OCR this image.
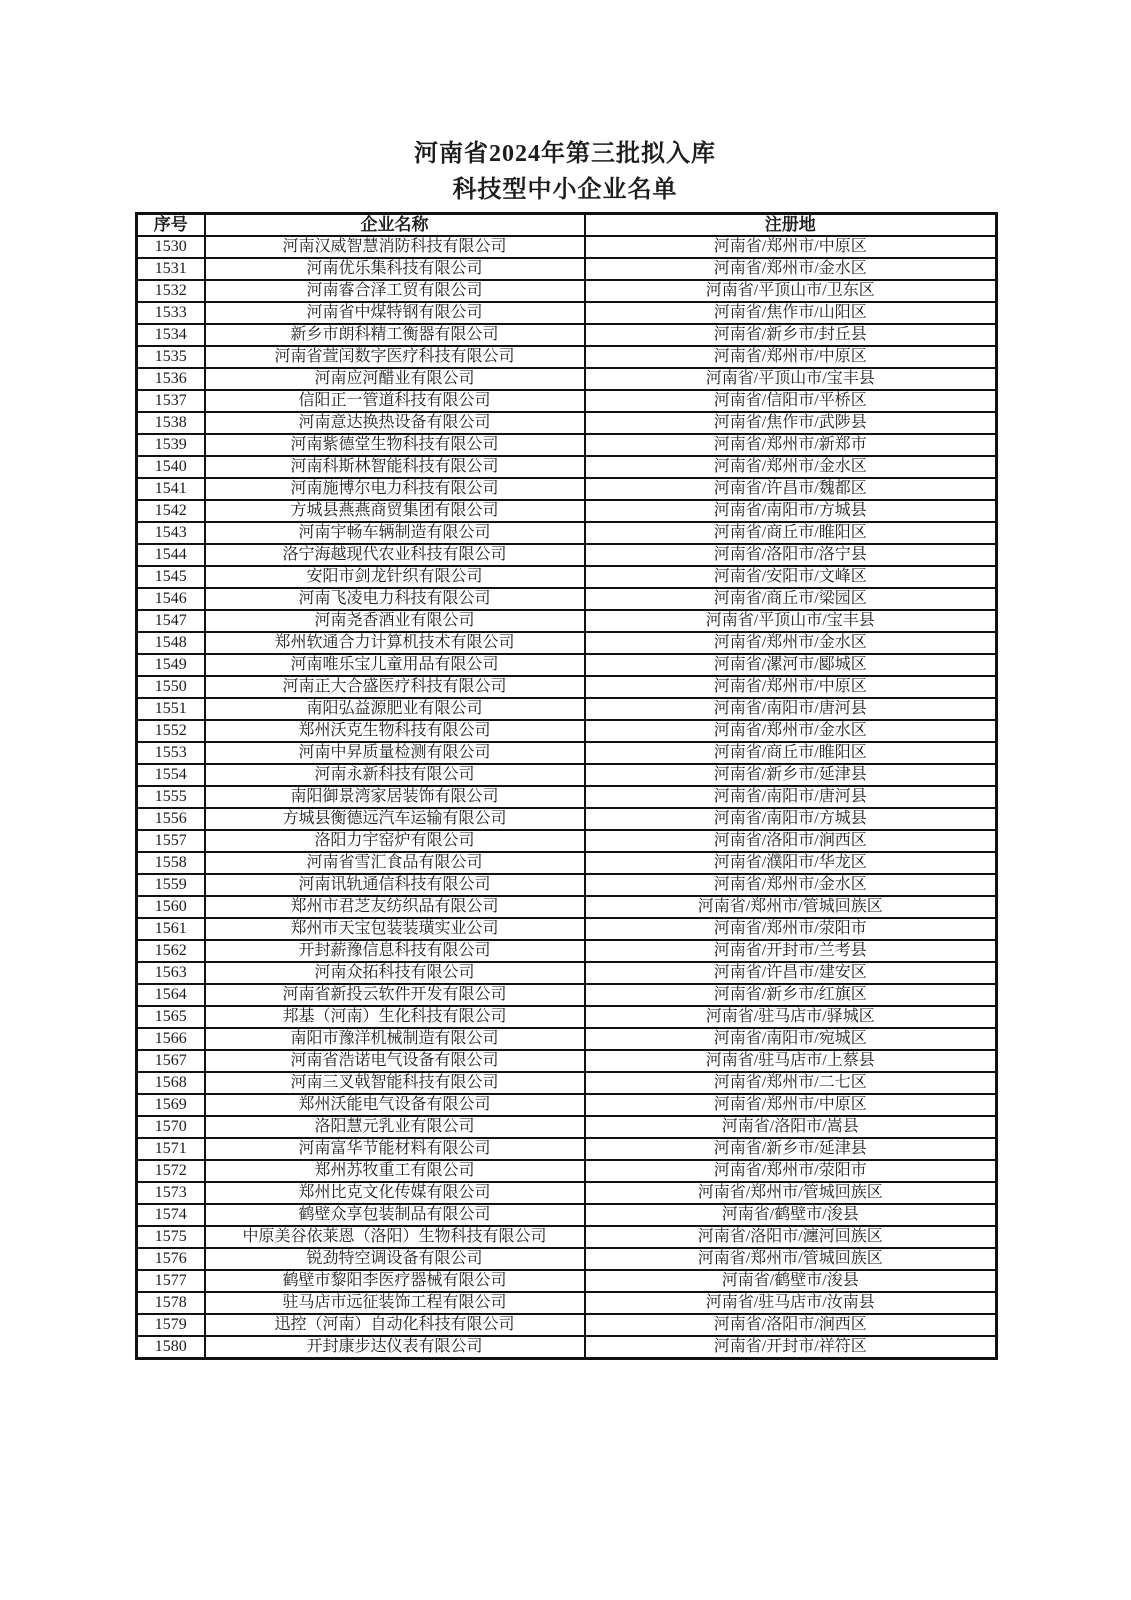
河南省2024年第三批拟入库
科技型中小企业名单
序号	企业名称	注册地
1530	河南汉威智慧消防科技有限公司	河南省/郑州市/中原区
1531	河南优乐集科技有限公司	河南省/郑州市/金水区
1532	河南睿合泽工贸有限公司	河南省/平顶山市/卫东区
1533	河南省中煤特钢有限公司	河南省/焦作市/山阳区
1534	新乡市朗科精工衡器有限公司	河南省/新乡市/封丘县
1535	河南省萱闰数字医疗科技有限公司	河南省/郑州市/中原区
1536	河南应河醋业有限公司	河南省/平顶山市/宝丰县
1537	信阳正一管道科技有限公司	河南省/信阳市/平桥区
1538	河南意达换热设备有限公司	河南省/焦作市/武陟县
1539	河南紫德堂生物科技有限公司	河南省/郑州市/新郑市
1540	河南科斯林智能科技有限公司	河南省/郑州市/金水区
1541	河南施博尔电力科技有限公司	河南省/许昌市/魏都区
1542	方城县燕燕商贸集团有限公司	河南省/南阳市/方城县
1543	河南宇畅车辆制造有限公司	河南省/商丘市/睢阳区
1544	洛宁海越现代农业科技有限公司	河南省/洛阳市/洛宁县
1545	安阳市剑龙针织有限公司	河南省/安阳市/文峰区
1546	河南飞凌电力科技有限公司	河南省/商丘市/梁园区
1547	河南尧香酒业有限公司	河南省/平顶山市/宝丰县
1548	郑州软通合力计算机技术有限公司	河南省/郑州市/金水区
1549	河南唯乐宝儿童用品有限公司	河南省/漯河市/郾城区
1550	河南正大合盛医疗科技有限公司	河南省/郑州市/中原区
1551	南阳弘益源肥业有限公司	河南省/南阳市/唐河县
1552	郑州沃克生物科技有限公司	河南省/郑州市/金水区
1553	河南中昇质量检测有限公司	河南省/商丘市/睢阳区
1554	河南永新科技有限公司	河南省/新乡市/延津县
1555	南阳御景湾家居装饰有限公司	河南省/南阳市/唐河县
1556	方城县衡德远汽车运输有限公司	河南省/南阳市/方城县
1557	洛阳力宇窑炉有限公司	河南省/洛阳市/涧西区
1558	河南省雪汇食品有限公司	河南省/濮阳市/华龙区
1559	河南讯轨通信科技有限公司	河南省/郑州市/金水区
1560	郑州市君芝友纺织品有限公司	河南省/郑州市/管城回族区
1561	郑州市天宝包装装璜实业公司	河南省/郑州市/荥阳市
1562	开封薪豫信息科技有限公司	河南省/开封市/兰考县
1563	河南众拓科技有限公司	河南省/许昌市/建安区
1564	河南省新投云软件开发有限公司	河南省/新乡市/红旗区
1565	邦基（河南）生化科技有限公司	河南省/驻马店市/驿城区
1566	南阳市豫洋机械制造有限公司	河南省/南阳市/宛城区
1567	河南省浩诺电气设备有限公司	河南省/驻马店市/上蔡县
1568	河南三叉戟智能科技有限公司	河南省/郑州市/二七区
1569	郑州沃能电气设备有限公司	河南省/郑州市/中原区
1570	洛阳慧元乳业有限公司	河南省/洛阳市/嵩县
1571	河南富华节能材料有限公司	河南省/新乡市/延津县
1572	郑州苏牧重工有限公司	河南省/郑州市/荥阳市
1573	郑州比克文化传媒有限公司	河南省/郑州市/管城回族区
1574	鹤壁众享包装制品有限公司	河南省/鹤壁市/浚县
1575	中原美谷依莱恩（洛阳）生物科技有限公司	河南省/洛阳市/瀍河回族区
1576	锐劲特空调设备有限公司	河南省/郑州市/管城回族区
1577	鹤壁市黎阳李医疗器械有限公司	河南省/鹤壁市/浚县
1578	驻马店市远征装饰工程有限公司	河南省/驻马店市/汝南县
1579	迅控（河南）自动化科技有限公司	河南省/洛阳市/涧西区
1580	开封康步达仪表有限公司	河南省/开封市/祥符区
